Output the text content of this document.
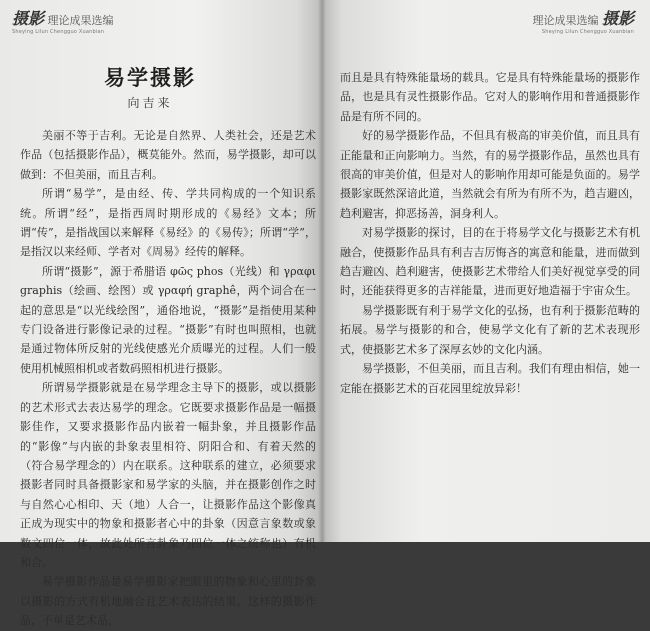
摄影 理论成果选编
Sheying Lilun Chengguo Xuanbian
易学摄影
向吉来

美丽不等于吉利。无论是自然界、人类社会，还是艺术作品（包括摄影作品），概莫能外。然而，易学摄影，却可以做到：不但美丽，而且吉利。

所谓“易学”，是由经、传、学共同构成的一个知识系统。所谓“经”，是指西周时期形成的《易经》文本；所谓“传”，是指战国以来解释《易经》的《易传》；所谓“学”，是指汉以来经师、学者对《周易》经传的解释。

所谓“摄影”，源于希腊语 φῶς phos（光线）和 γραφι graphis（绘画、绘图）或 γραφή graphê，两个词合在一起的意思是“以光线绘图”，通俗地说，“摄影”是指使用某种专门设备进行影像记录的过程。“摄影”有时也叫照相，也就是通过物体所反射的光线使感光介质曝光的过程。人们一般使用机械照相机或者数码照相机进行摄影。

所谓易学摄影就是在易学理念主导下的摄影，或以摄影的艺术形式去表达易学的理念。它既要求摄影作品是一幅摄影佳作，又要求摄影作品内嵌着一幅卦象，并且摄影作品的“影像”与内嵌的卦象表里相符、阴阳合和、有着天然的（符合易学理念的）内在联系。这种联系的建立，必须要求摄影者同时具备摄影家和易学家的头脑，并在摄影创作之时与自然心心相印、天（地）人合一，让摄影作品这个影像真正成为现实中的物象和摄影者心中的卦象（因意言象数或象数文四位一体，故此处所言卦象乃四位一体之统称也）有机和合。

易学摄影作品是易学摄影家把眼里的物象和心里的卦象以摄影的方式有机地融合且艺术表达的结果。这样的摄影作品，不单是艺术品，

理论成果选编 摄影
Sheying Lilun Chengguo Xuanbian

而且是具有特殊能量场的载具。它是具有特殊能量场的摄影作品，也是具有灵性摄影作品。它对人的影响作用和普通摄影作品是有所不同的。

好的易学摄影作品，不但具有极高的审美价值，而且具有正能量和正向影响力。当然，有的易学摄影作品，虽然也具有很高的审美价值，但是对人的影响作用却可能是负面的。易学摄影家既然深谙此道，当然就会有所为有所不为，趋吉避凶，趋利避害，抑恶扬善，洞身利人。

对易学摄影的探讨，目的在于将易学文化与摄影艺术有机融合，使摄影作品具有利吉吉厉悔吝的寓意和能量，进而做到趋吉避凶、趋利避害，使摄影艺术带给人们美好视觉享受的同时，还能获得更多的吉祥能量，进而更好地造福于宇宙众生。

易学摄影既有利于易学文化的弘扬，也有利于摄影范畴的拓展。易学与摄影的和合，使易学文化有了新的艺术表现形式，使摄影艺术多了深厚玄妙的文化内涵。

易学摄影，不但美丽，而且吉利。我们有理由相信，她一定能在摄影艺术的百花园里绽放异彩！
